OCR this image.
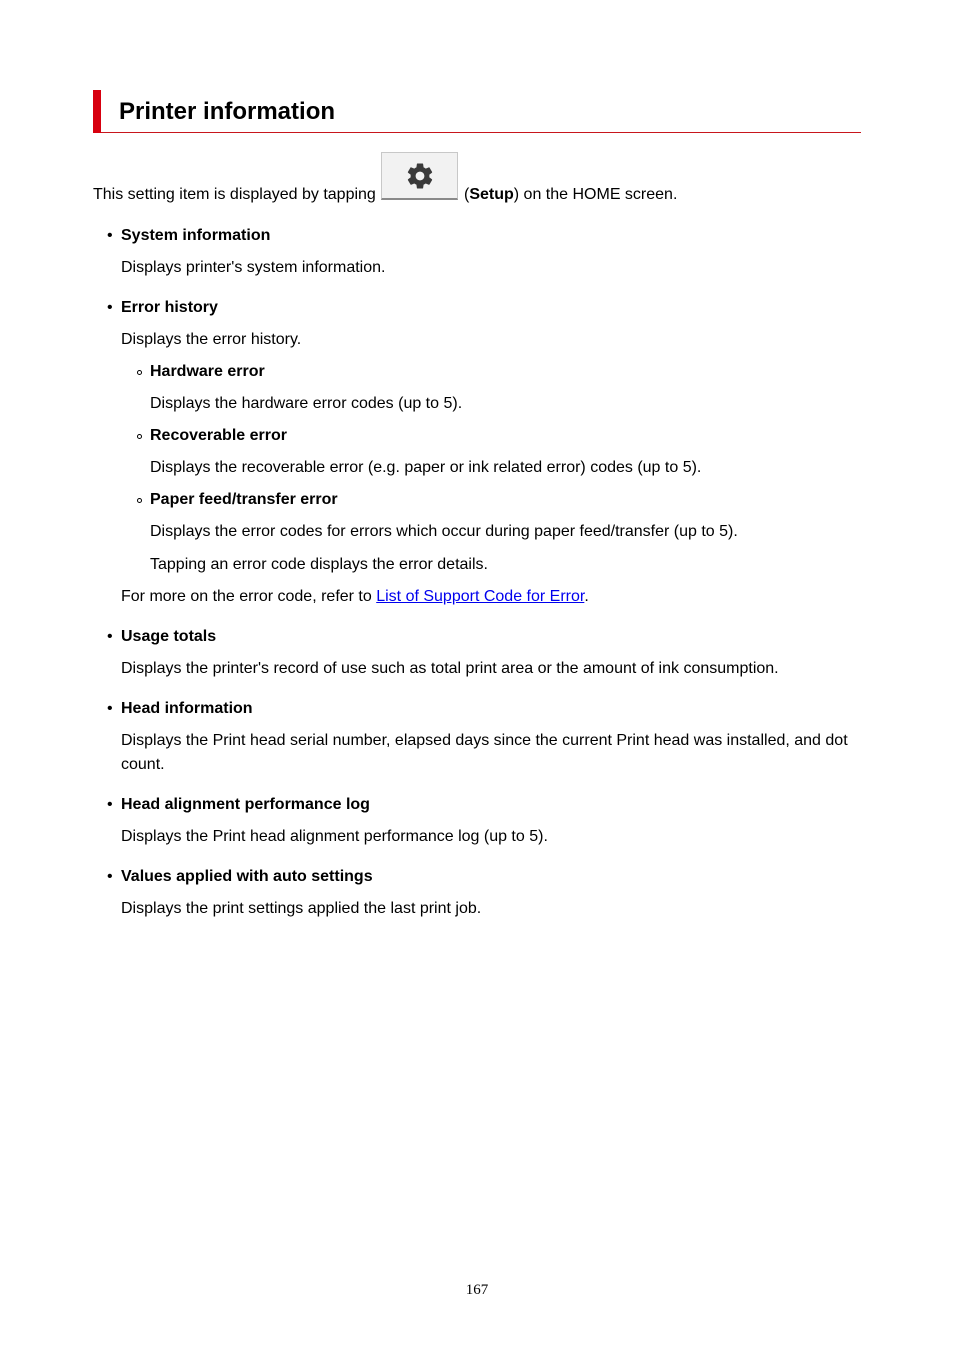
Printer information
This setting item is displayed by tapping	(Setup) on the HOME screen.
• System information
Displays printer's system information.
• Error history
Displays the error history.
Hardware error
Displays the hardware error codes (up to 5).
Recoverable error
Displays the recoverable error (e.g. paper or ink related error) codes (up to 5).
Paper feed/transfer error
Displays the error codes for errors which occur during paper feed/transfer (up to 5).
Tapping an error code displays the error details.
For more on the error code, refer to List of Support Code for Error.
• Usage totals
Displays the printer's record of use such as total print area or the amount of ink consumption.
• Head information
Displays the Print head serial number, elapsed days since the current Print head was installed, and dot
count.
• Head alignment performance log
Displays the Print head alignment performance log (up to 5).
• Values applied with auto settings
Displays the print settings applied the last print job.
167
